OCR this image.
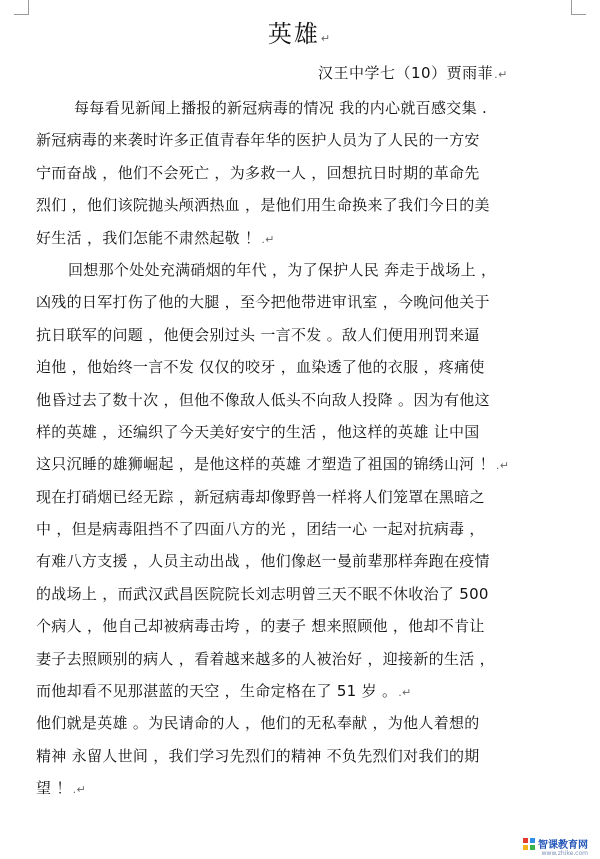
英雄↵
汉王中学七（10）贾雨菲.↵
每每看见新闻上播报的新冠病毒的情况 我的内心就百感交集 .
新冠病毒的来袭时许多正值青春年华的医护人员为了人民的一方安
宁而奋战 ，他们不会死亡 ，为多救一人 ，回想抗日时期的革命先
烈们 ，他们该院抛头颅洒热血 ，是他们用生命换来了我们今日的美
好生活 ，我们怎能不肃然起敬 ！.↵
回想那个处处充满硝烟的年代 ，为了保护人民 奔走于战场上 ，
凶残的日军打伤了他的大腿 ，至今把他带进审讯室 ，今晚问他关于
抗日联军的问题 ，他便会别过头 一言不发 。敌人们便用刑罚来逼
迫他 ，他始终一言不发 仅仅的咬牙 ，血染透了他的衣服 ，疼痛使
他昏过去了数十次 ，但他不像敌人低头不向敌人投降 。因为有他这
样的英雄 ，还编织了今天美好安宁的生活 ，他这样的英雄 让中国
这只沉睡的雄狮崛起 ，是他这样的英雄 才塑造了祖国的锦绣山河 ！.↵
现在打硝烟已经无踪 ，新冠病毒却像野兽一样将人们笼罩在黑暗之
中 ，但是病毒阻挡不了四面八方的光 ，团结一心 一起对抗病毒 ，
有难八方支援 ，人员主动出战 ，他们像赵一曼前辈那样奔跑在疫情
的战场上 ，而武汉武昌医院院长刘志明曾三天不眠不休收治了 500
个病人 ，他自己却被病毒击垮 ，的妻子 想来照顾他 ，他却不肯让
妻子去照顾别的病人 ，看着越来越多的人被治好 ，迎接新的生活 ，
而他却看不见那湛蓝的天空 ，生命定格在了 51 岁 。.↵
他们就是英雄 。为民请命的人 ，他们的无私奉献 ，为他人着想的
精神 永留人世间 ，我们学习先烈们的精神 不负先烈们对我们的期
望 ！.↵
智课教育网
www.zhike.com
